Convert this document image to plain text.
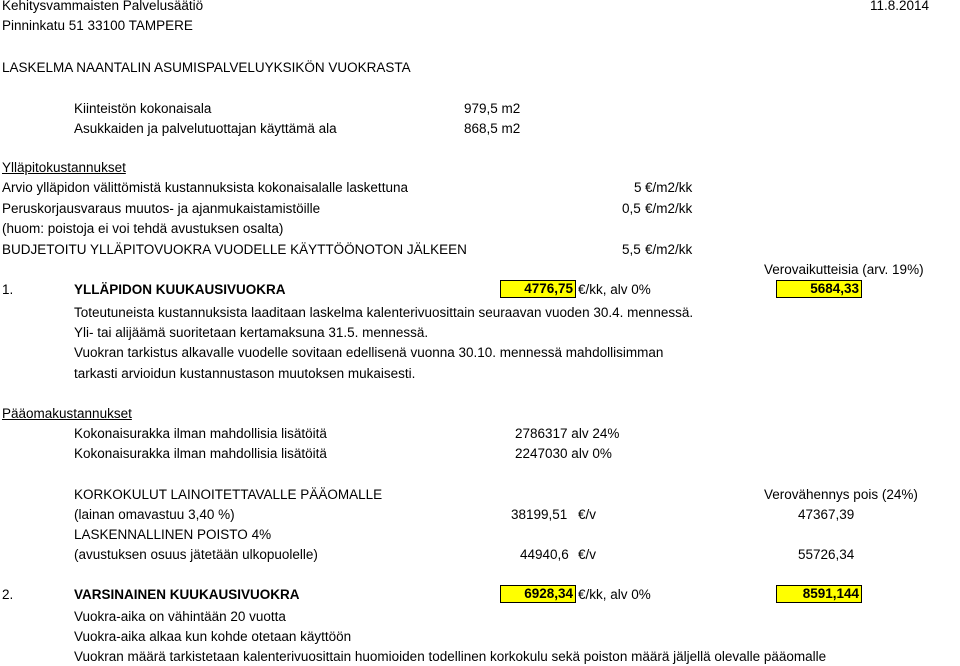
Kehitysvammaisten Palvelusäätiö	11.8.2014
Pinninkatu 51 33100 TAMPERE
LASKELMA NAANTALIN ASUMISPALVELUYKSIKÖN VUOKRASTA
Kiinteistön kokonaisala	979,5 m2
Asukkaiden ja palvelutuottajan käyttämä ala	868,5 m2
Ylläpitokustannukset
Arvio ylläpidon välittömistä kustannuksista kokonaisalalle laskettuna	5 €/m2/kk
Peruskorjausvaraus muutos- ja ajanmukaistamistöille	0,5 €/m2/kk
(huom: poistoja ei voi tehdä avustuksen osalta)
BUDJETOITU YLLÄPITOVUOKRA VUODELLE KÄYTTÖÖNOTON JÄLKEEN	5,5 €/m2/kk
Verovaikutteisia (arv. 19%)
1.	YLLÄPIDON KUUKAUSIVUOKRA	4776,75 €/kk, alv 0%	5684,33
Toteutuneista kustannuksista laaditaan laskelma kalenterivuosittain seuraavan vuoden 30.4. mennessä.
Yli- tai alijäämä suoritetaan kertamaksuna 31.5. mennessä.
Vuokran tarkistus alkavalle vuodelle sovitaan edellisenä vuonna 30.10. mennessä mahdollisimman
tarkasti arvioidun kustannustason muutoksen mukaisesti.
Pääomakustannukset
Kokonaisurakka ilman mahdollisia lisätöitä	2786317 alv 24%
Kokonaisurakka ilman mahdollisia lisätöitä	2247030 alv 0%
KORKOKULUT LAINOITETTAVALLE PÄÄOMALLE	Verovähennys pois (24%)
(lainan omavastuu 3,40 %)	38199,51 €/v	47367,39
LASKENNALLINEN POISTO 4%
(avustuksen osuus jätetään ulkopuolelle)	44940,6 €/v	55726,34
2.	VARSINAINEN KUUKAUSIVUOKRA	6928,34 €/kk, alv 0%	8591,144
Vuokra-aika on vähintään 20 vuotta
Vuokra-aika alkaa kun kohde otetaan käyttöön
Vuokran määrä tarkistetaan kalenterivuosittain huomioiden todellinen korkokulu sekä poiston määrä jäljellä olevalle pääomalle
